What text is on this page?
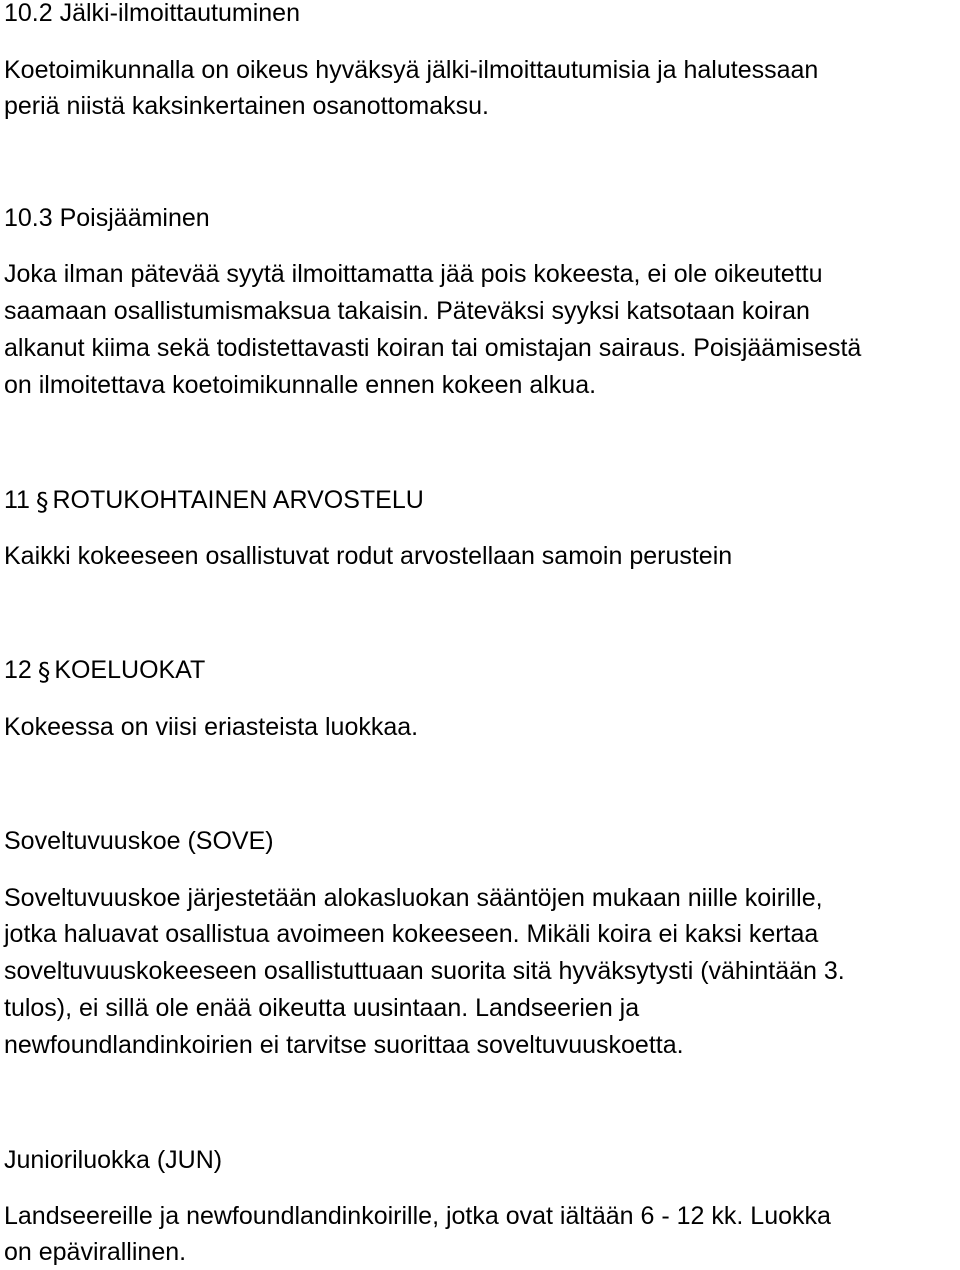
10.2 Jälki-ilmoittautuminen

Koetoimikunnalla on oikeus hyväksyä jälki-ilmoittautumisia ja halutessaan

periä niistä kaksinkertainen osanottomaksu.

10.3 Poisjääminen

Joka ilman pätevää syytä ilmoittamatta jää pois kokeesta, ei ole oikeutettu

saamaan osallistumismaksua takaisin. Päteväksi syyksi katsotaan koiran

alkanut kiima sekä todistettavasti koiran tai omistajan sairaus. Poisjäämisestä

on ilmoitettava koetoimikunnalle ennen kokeen alkua.

11 § ROTUKOHTAINEN ARVOSTELU

Kaikki kokeeseen osallistuvat rodut arvostellaan samoin perustein

12 § KOELUOKAT

Kokeessa on viisi eriasteista luokkaa.

Soveltuvuuskoe (SOVE)

Soveltuvuuskoe järjestetään alokasluokan sääntöjen mukaan niille koirille,

jotka haluavat osallistua avoimeen kokeeseen. Mikäli koira ei kaksi kertaa

soveltuvuuskokeeseen osallistuttuaan suorita sitä hyväksytysti (vähintään 3.

tulos), ei sillä ole enää oikeutta uusintaan. Landseerien ja

newfoundlandinkoirien ei tarvitse suorittaa soveltuvuuskoetta.

Junioriluokka (JUN)

Landseereille ja newfoundlandinkoirille, jotka ovat iältään 6 - 12 kk. Luokka

on epävirallinen.
